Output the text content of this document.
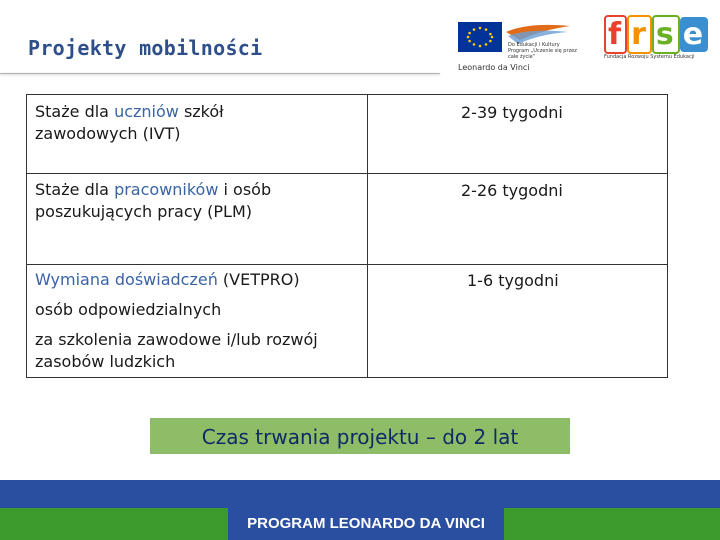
Projekty mobilności	Do Edukacji i Kultury
Program „Uczenie się przez całe życie”
Leonardo da Vinci
f r s e
Fundacja Rozwoju Systemu Edukacji
Staże dla uczniów szkół
zawodowych (IVT)
2-39 tygodni
Staże dla pracowników i osób
poszukujących pracy (PLM)
2-26 tygodni
Wymiana doświadczeń (VETPRO)
osób odpowiedzialnych
za szkolenia zawodowe i/lub rozwój
zasobów ludzkich
1-6 tygodni
Czas trwania projektu – do 2 lat
PROGRAM LEONARDO DA VINCI
